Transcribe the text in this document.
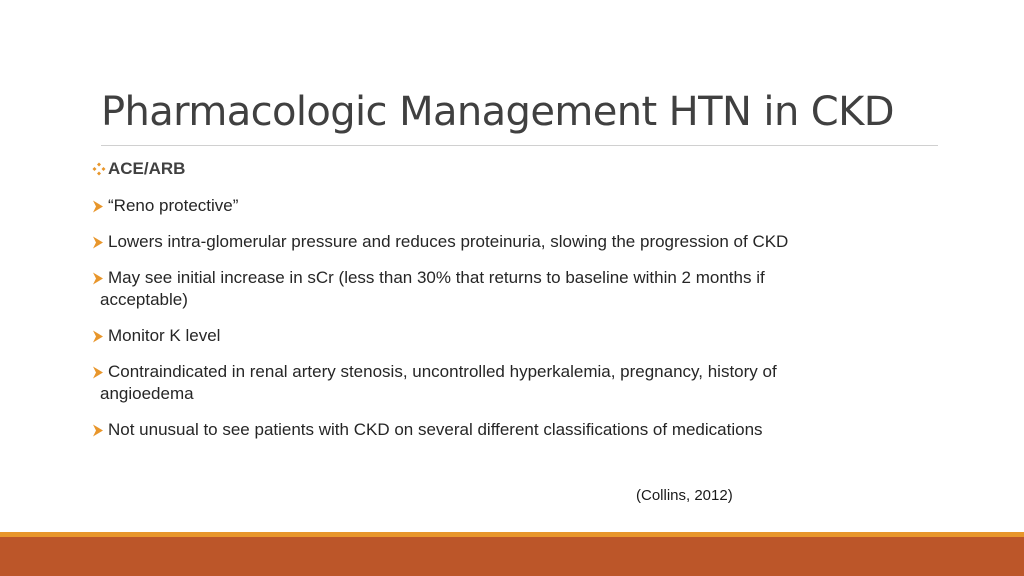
Pharmacologic Management HTN in CKD
ACE/ARB
“Reno protective”
Lowers intra-glomerular pressure and reduces proteinuria, slowing the progression of CKD
May see initial increase in sCr (less than 30% that returns to baseline within 2 months if
acceptable)
Monitor K level
Contraindicated in renal artery stenosis, uncontrolled hyperkalemia, pregnancy, history of
angioedema
Not unusual to see patients with CKD on several different classifications of medications
(Collins, 2012)
